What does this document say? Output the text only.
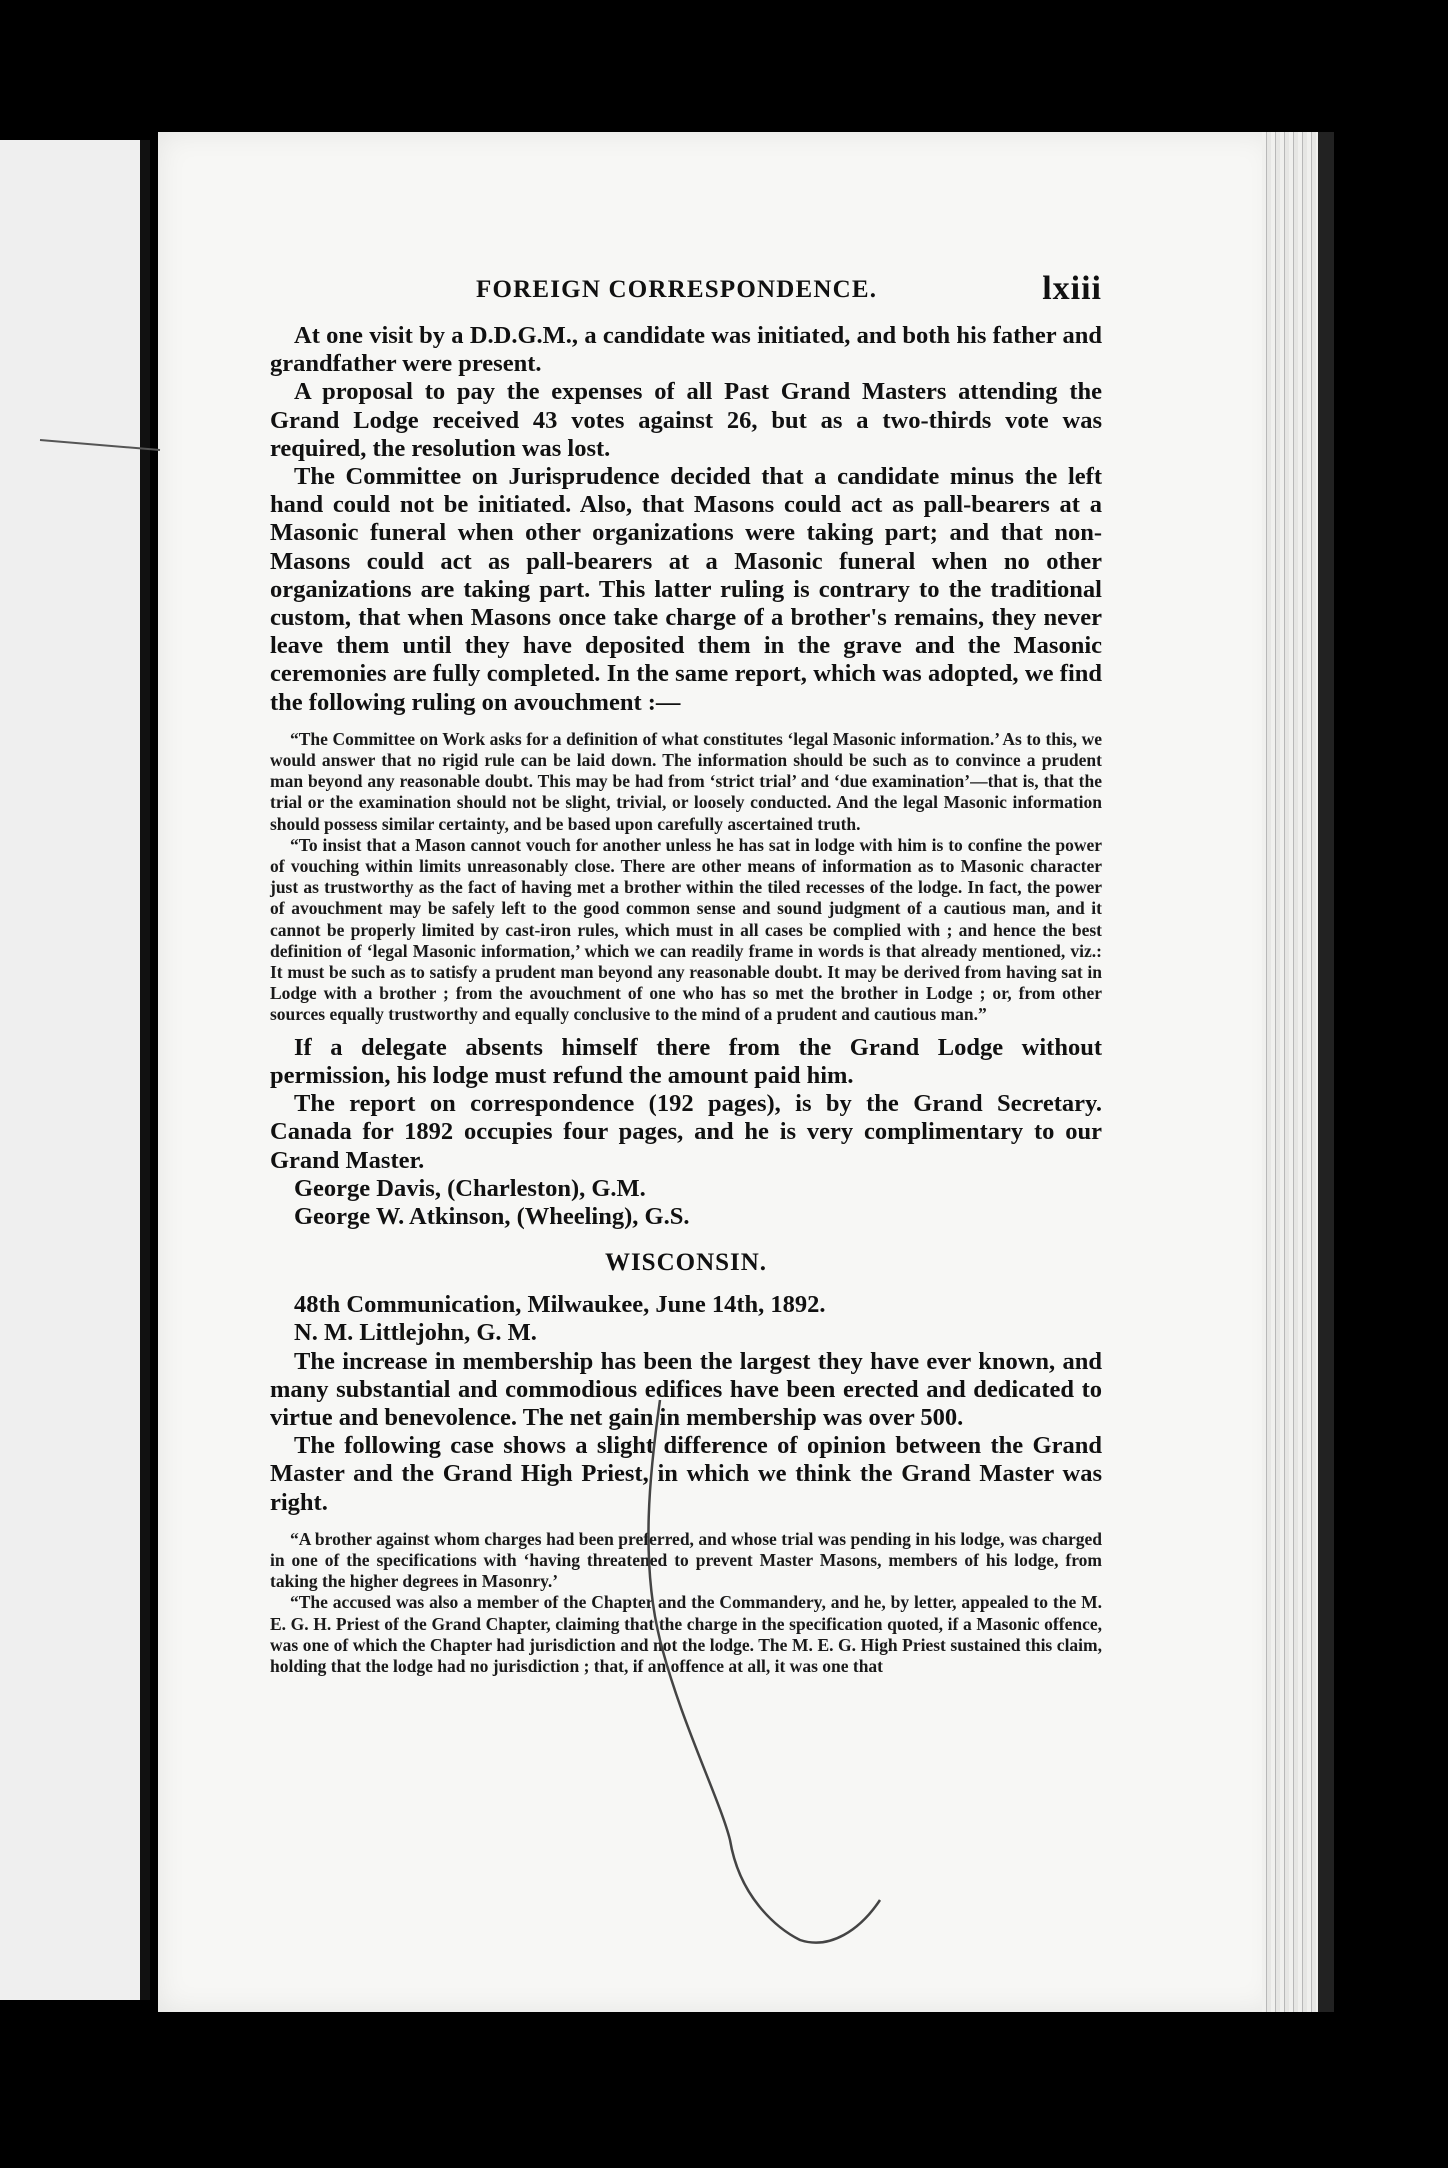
FOREIGN CORRESPONDENCE.	lxiii

At one visit by a D.D.G.M., a candidate was initiated, and both his father and grandfather were present.

A proposal to pay the expenses of all Past Grand Masters attending the Grand Lodge received 43 votes against 26, but as a two-thirds vote was required, the resolution was lost.

The Committee on Jurisprudence decided that a candidate minus the left hand could not be initiated. Also, that Masons could act as pall-bearers at a Masonic funeral when other organizations were taking part; and that non-Masons could act as pall-bearers at a Masonic funeral when no other organizations are taking part. This latter ruling is contrary to the traditional custom, that when Masons once take charge of a brother's remains, they never leave them until they have deposited them in the grave and the Masonic ceremonies are fully completed. In the same report, which was adopted, we find the following ruling on avouchment :—

“The Committee on Work asks for a definition of what constitutes ‘legal Masonic information.’ As to this, we would answer that no rigid rule can be laid down. The information should be such as to convince a prudent man beyond any reasonable doubt. This may be had from ‘strict trial’ and ‘due examination’—that is, that the trial or the examination should not be slight, trivial, or loosely conducted. And the legal Masonic information should possess similar certainty, and be based upon carefully ascertained truth.

“To insist that a Mason cannot vouch for another unless he has sat in lodge with him is to confine the power of vouching within limits unreasonably close. There are other means of information as to Masonic character just as trustworthy as the fact of having met a brother within the tiled recesses of the lodge. In fact, the power of avouchment may be safely left to the good common sense and sound judgment of a cautious man, and it cannot be properly limited by cast-iron rules, which must in all cases be complied with ; and hence the best definition of ‘legal Masonic information,’ which we can readily frame in words is that already mentioned, viz.: It must be such as to satisfy a prudent man beyond any reasonable doubt. It may be derived from having sat in Lodge with a brother ; from the avouchment of one who has so met the brother in Lodge ; or, from other sources equally trustworthy and equally conclusive to the mind of a prudent and cautious man.”

If a delegate absents himself there from the Grand Lodge without permission, his lodge must refund the amount paid him.

The report on correspondence (192 pages), is by the Grand Secretary. Canada for 1892 occupies four pages, and he is very complimentary to our Grand Master.

George Davis, (Charleston), G.M.

George W. Atkinson, (Wheeling), G.S.

WISCONSIN.

48th Communication, Milwaukee, June 14th, 1892.

N. M. Littlejohn, G. M.

The increase in membership has been the largest they have ever known, and many substantial and commodious edifices have been erected and dedicated to virtue and benevolence. The net gain in membership was over 500.

The following case shows a slight difference of opinion between the Grand Master and the Grand High Priest, in which we think the Grand Master was right.

“A brother against whom charges had been preferred, and whose trial was pending in his lodge, was charged in one of the specifications with ‘having threatened to prevent Master Masons, members of his lodge, from taking the higher degrees in Masonry.’

“The accused was also a member of the Chapter and the Commandery, and he, by letter, appealed to the M. E. G. H. Priest of the Grand Chapter, claiming that the charge in the specification quoted, if a Masonic offence, was one of which the Chapter had jurisdiction and not the lodge. The M. E. G. High Priest sustained this claim, holding that the lodge had no jurisdiction ; that, if an offence at all, it was one that
